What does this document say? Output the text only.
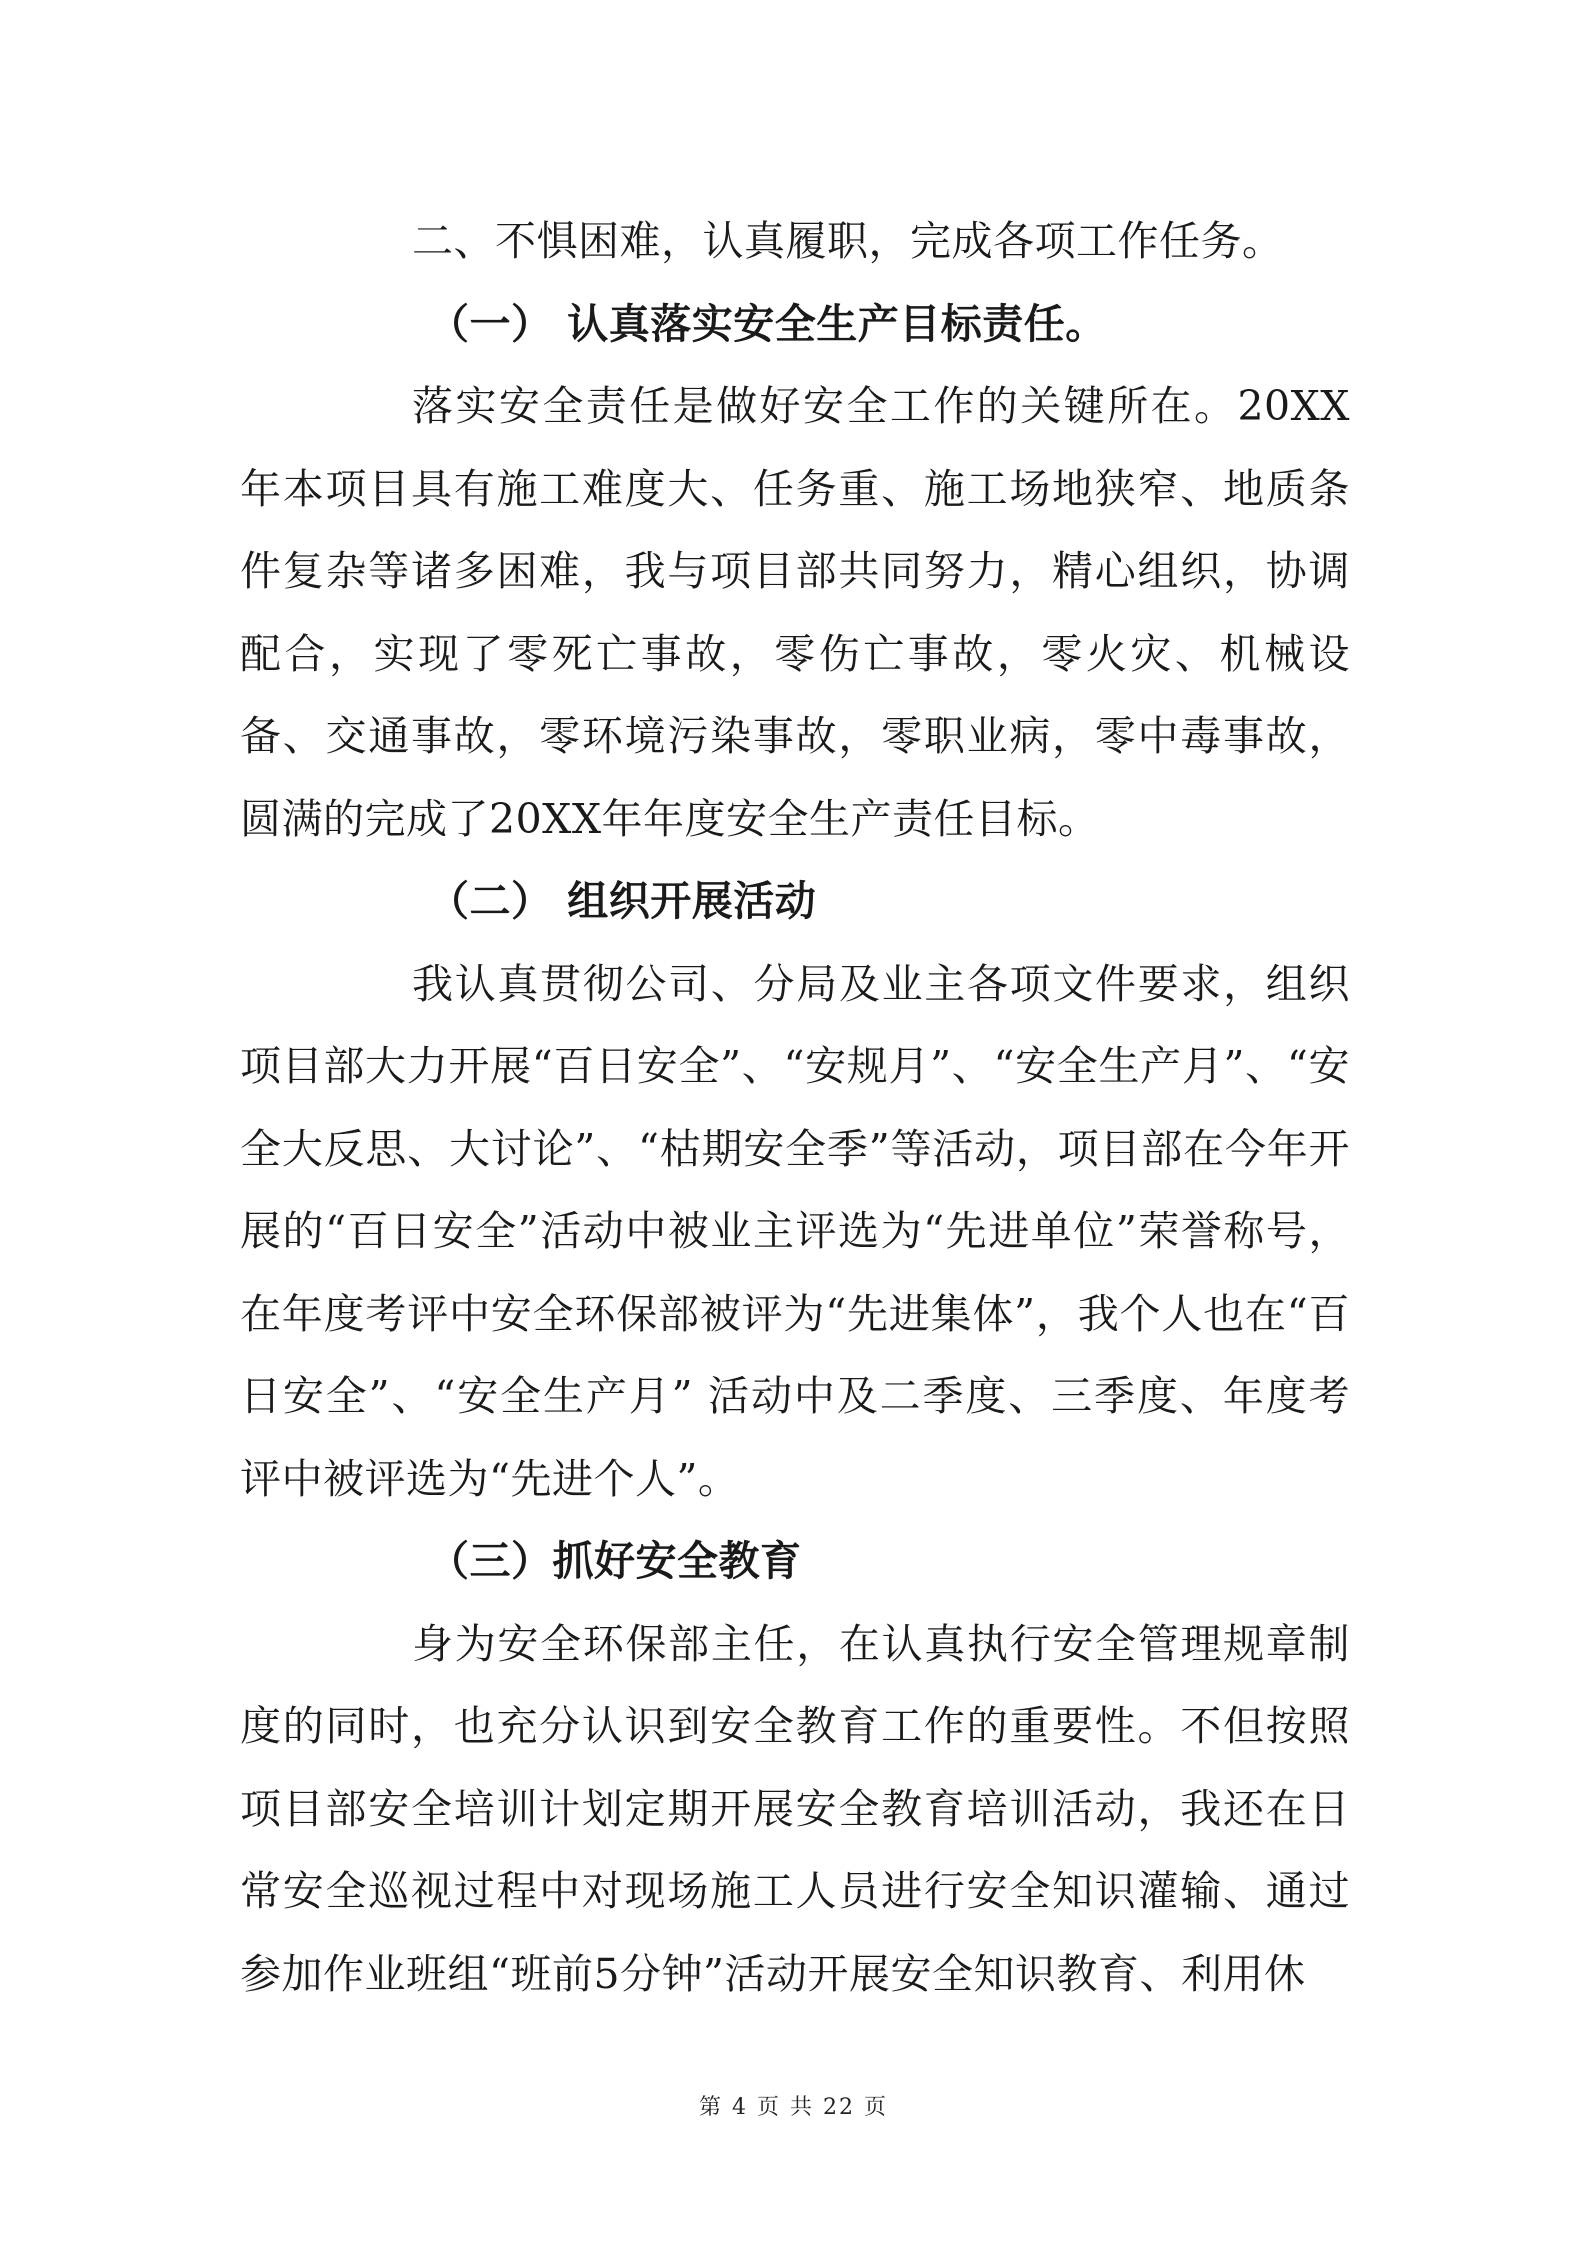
二、不惧困难，认真履职，完成各项工作任务。

（一） 认真落实安全生产目标责任。

落实安全责任是做好安全工作的关键所在。20XX年本项目具有施工难度大、任务重、施工场地狭窄、地质条件复杂等诸多困难，我与项目部共同努力，精心组织，协调配合，实现了零死亡事故，零伤亡事故，零火灾、机械设备、交通事故，零环境污染事故，零职业病，零中毒事故，圆满的完成了20XX年年度安全生产责任目标。

（二） 组织开展活动

我认真贯彻公司、分局及业主各项文件要求，组织项目部大力开展“百日安全”、“安规月”、“安全生产月”、“安全大反思、大讨论”、“枯期安全季”等活动，项目部在今年开展的“百日安全”活动中被业主评选为“先进单位”荣誉称号，在年度考评中安全环保部被评为“先进集体”，我个人也在“百日安全”、“安全生产月” 活动中及二季度、三季度、年度考评中被评选为“先进个人”。

（三）抓好安全教育

身为安全环保部主任，在认真执行安全管理规章制度的同时，也充分认识到安全教育工作的重要性。不但按照项目部安全培训计划定期开展安全教育培训活动，我还在日常安全巡视过程中对现场施工人员进行安全知识灌输、通过参加作业班组“班前5分钟”活动开展安全知识教育、利用休

第 4 页 共 22 页
